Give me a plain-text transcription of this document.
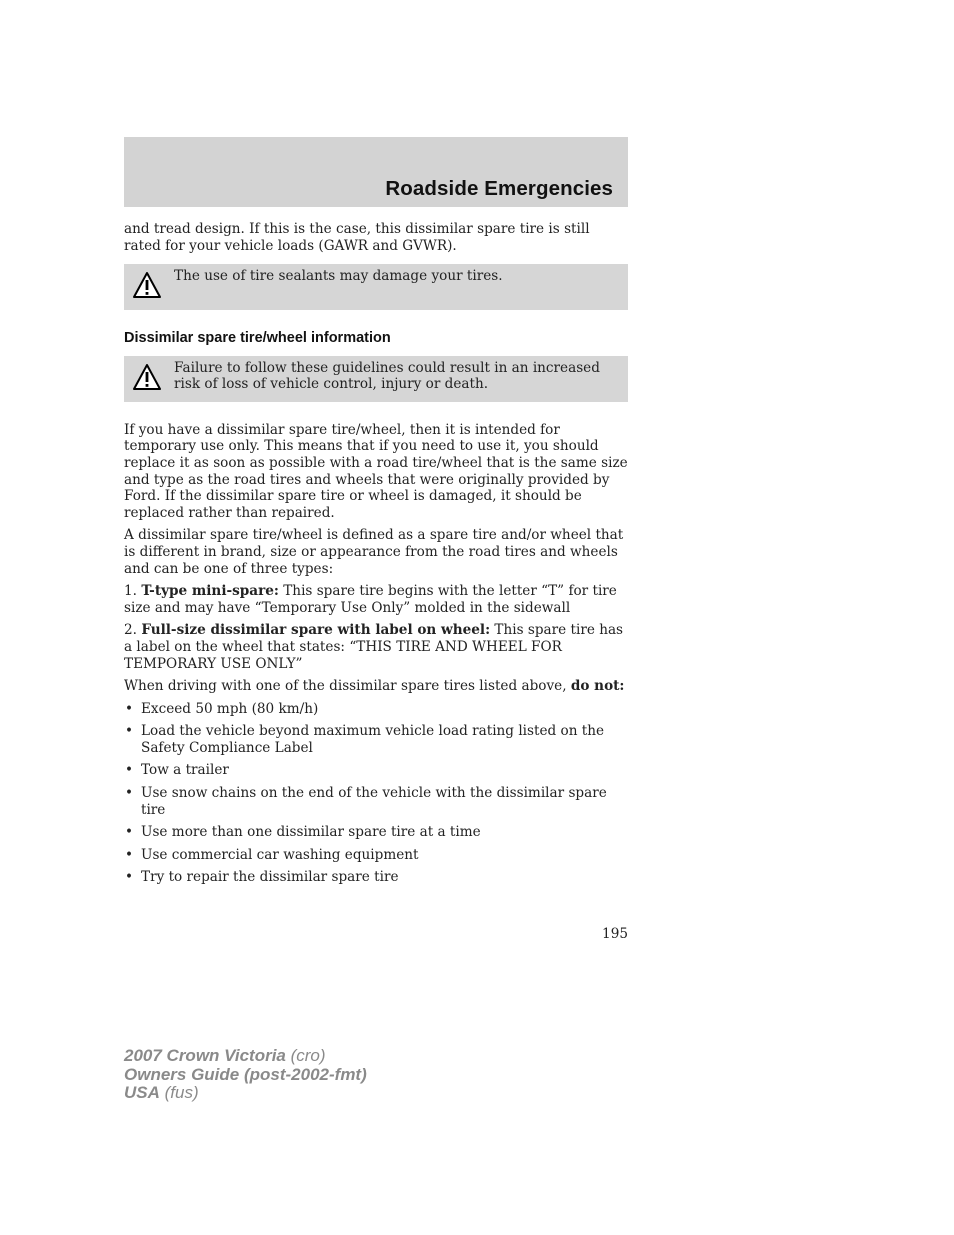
Roadside Emergencies

and tread design. If this is the case, this dissimilar spare tire is still rated for your vehicle loads (GAWR and GVWR).

The use of tire sealants may damage your tires.
Dissimilar spare tire/wheel information
Failure to follow these guidelines could result in an increased risk of loss of vehicle control, injury or death.

If you have a dissimilar spare tire/wheel, then it is intended for temporary use only. This means that if you need to use it, you should replace it as soon as possible with a road tire/wheel that is the same size and type as the road tires and wheels that were originally provided by Ford. If the dissimilar spare tire or wheel is damaged, it should be replaced rather than repaired.

A dissimilar spare tire/wheel is defined as a spare tire and/or wheel that is different in brand, size or appearance from the road tires and wheels and can be one of three types:

1. T-type mini-spare: This spare tire begins with the letter “T” for tire size and may have “Temporary Use Only” molded in the sidewall

2. Full-size dissimilar spare with label on wheel: This spare tire has a label on the wheel that states: “THIS TIRE AND WHEEL FOR TEMPORARY USE ONLY”

When driving with one of the dissimilar spare tires listed above, do not:

• Exceed 50 mph (80 km/h)
• Load the vehicle beyond maximum vehicle load rating listed on the Safety Compliance Label
• Tow a trailer
• Use snow chains on the end of the vehicle with the dissimilar spare tire
• Use more than one dissimilar spare tire at a time
• Use commercial car washing equipment
• Try to repair the dissimilar spare tire
195
2007 Crown Victoria (cro)
Owners Guide (post-2002-fmt)
USA (fus)
